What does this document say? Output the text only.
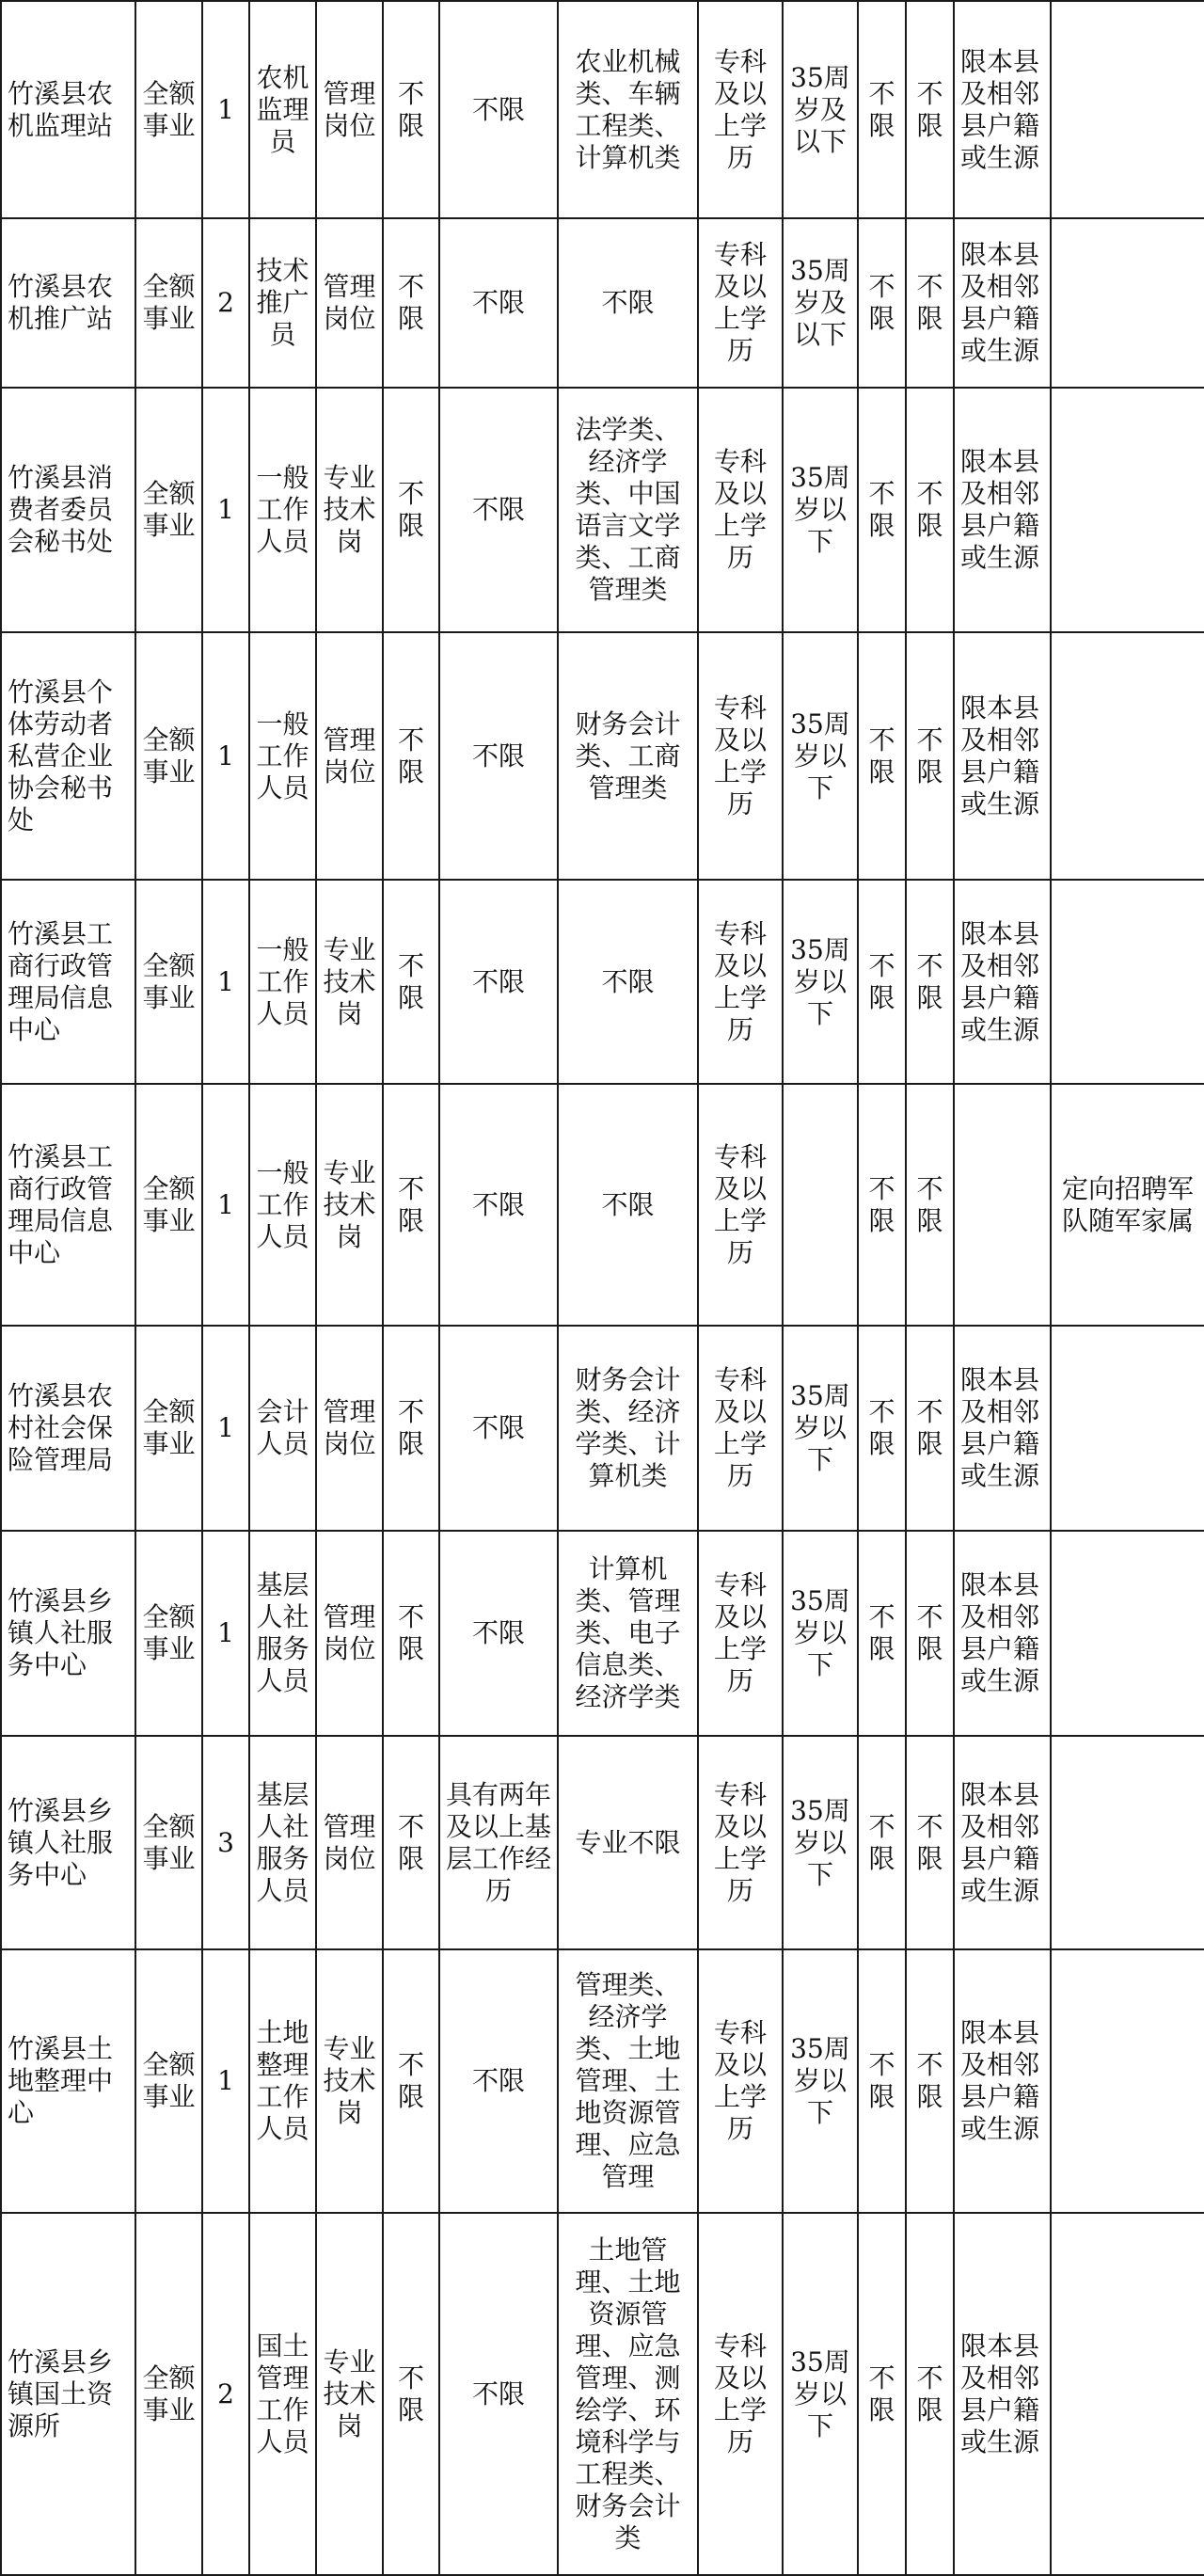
竹溪县农机监理站	全额事业	1	农机监理员	管理岗位	不限	不限	农业机械类、车辆工程类、计算机类	专科及以上学历	35周岁及以下	不限	不限	限本县及相邻县户籍或生源	
竹溪县农机推广站	全额事业	2	技术推广员	管理岗位	不限	不限	不限	专科及以上学历	35周岁及以下	不限	不限	限本县及相邻县户籍或生源	
竹溪县消费者委员会秘书处	全额事业	1	一般工作人员	专业技术岗	不限	不限	法学类、经济学类、中国语言文学类、工商管理类	专科及以上学历	35周岁以下	不限	不限	限本县及相邻县户籍或生源	
竹溪县个体劳动者私营企业协会秘书处	全额事业	1	一般工作人员	管理岗位	不限	不限	财务会计类、工商管理类	专科及以上学历	35周岁以下	不限	不限	限本县及相邻县户籍或生源	
竹溪县工商行政管理局信息中心	全额事业	1	一般工作人员	专业技术岗	不限	不限	不限	专科及以上学历	35周岁以下	不限	不限	限本县及相邻县户籍或生源	
竹溪县工商行政管理局信息中心	全额事业	1	一般工作人员	专业技术岗	不限	不限	不限	专科及以上学历		不限	不限		定向招聘军队随军家属
竹溪县农村社会保险管理局	全额事业	1	会计人员	管理岗位	不限	不限	财务会计类、经济学类、计算机类	专科及以上学历	35周岁以下	不限	不限	限本县及相邻县户籍或生源	
竹溪县乡镇人社服务中心	全额事业	1	基层人社服务人员	管理岗位	不限	不限	计算机类、管理类、电子信息类、经济学类	专科及以上学历	35周岁以下	不限	不限	限本县及相邻县户籍或生源	
竹溪县乡镇人社服务中心	全额事业	3	基层人社服务人员	管理岗位	不限	具有两年及以上基层工作经历	专业不限	专科及以上学历	35周岁以下	不限	不限	限本县及相邻县户籍或生源	
竹溪县土地整理中心	全额事业	1	土地整理工作人员	专业技术岗	不限	不限	管理类、经济学类、土地管理、土地资源管理、应急管理	专科及以上学历	35周岁以下	不限	不限	限本县及相邻县户籍或生源	
竹溪县乡镇国土资源所	全额事业	2	国土管理工作人员	专业技术岗	不限	不限	土地管理、土地资源管理、应急管理、测绘学、环境科学与工程类、财务会计类	专科及以上学历	35周岁以下	不限	不限	限本县及相邻县户籍或生源	
